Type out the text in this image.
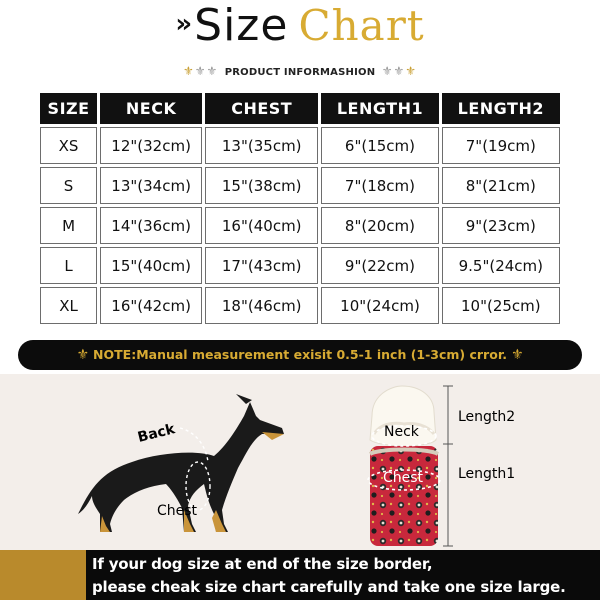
» Size Chart
⚜⚜⚜ PRODUCT INFORMASHION ⚜⚜⚜
SIZE	NECK	CHEST	LENGTH1	LENGTH2
XS	12"(32cm)	13"(35cm)	6"(15cm)	7"(19cm)
S	13"(34cm)	15"(38cm)	7"(18cm)	8"(21cm)
M	14"(36cm)	16"(40cm)	8"(20cm)	9"(23cm)
L	15"(40cm)	17"(43cm)	9"(22cm)	9.5"(24cm)
XL	16"(42cm)	18"(46cm)	10"(24cm)	10"(25cm)
⚜ NOTE:Manual measurement exisit 0.5-1 inch (1-3cm) crror. ⚜
Back
Chest
Neck
Chest
Length2
Length1
If your dog size at end of the size border,
please cheak size chart carefully and take one size large.
